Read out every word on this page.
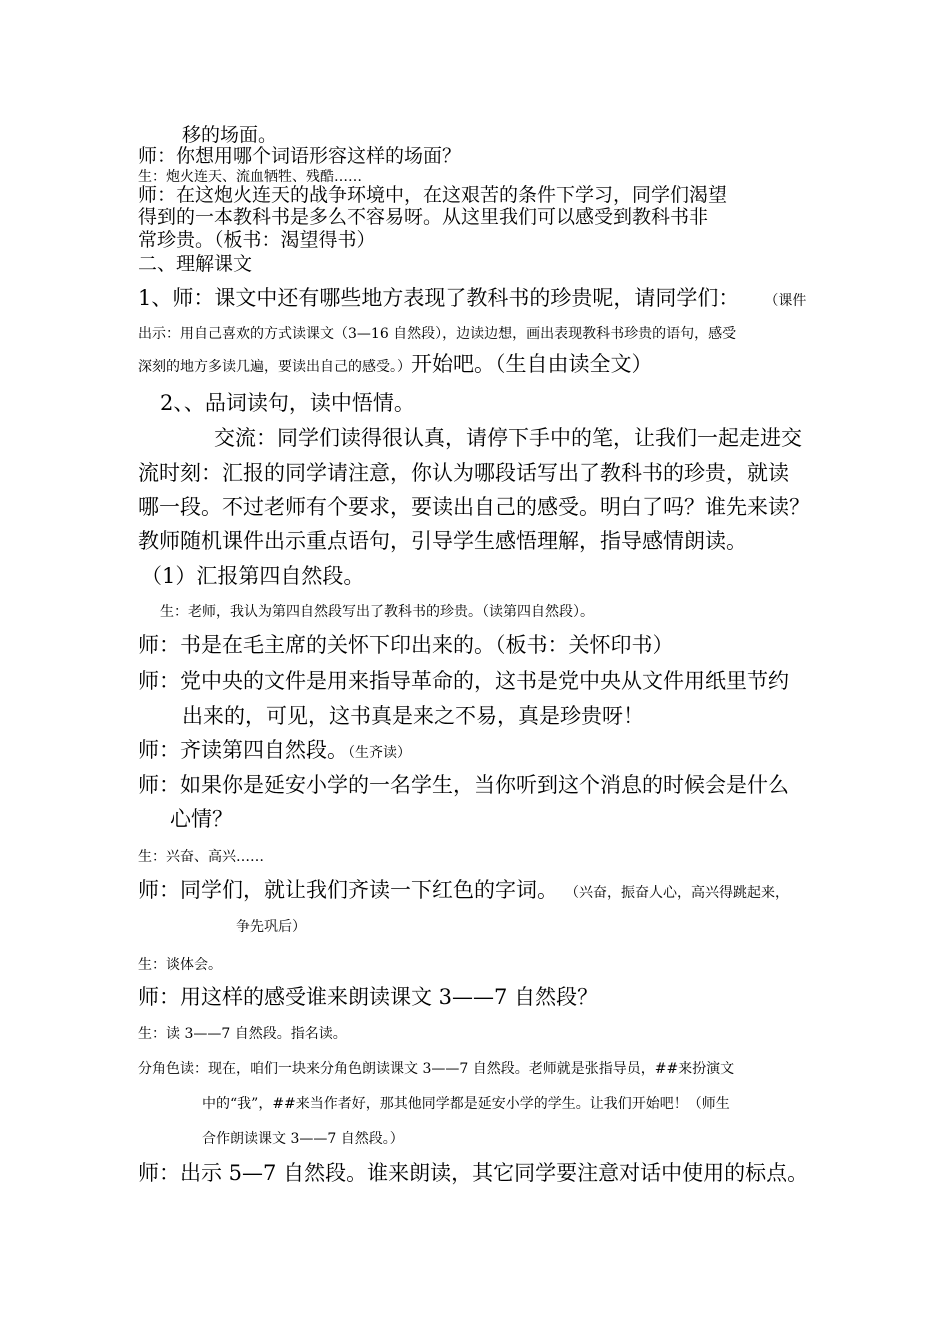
移的场面。
师：你想用哪个词语形容这样的场面？
生：炮火连天、流血牺牲、残酷……
师：在这炮火连天的战争环境中，在这艰苦的条件下学习，同学们渴望
得到的一本教科书是多么不容易呀。从这里我们可以感受到教科书非
常珍贵。（板书：渴望得书）
二、理解课文
1、师：课文中还有哪些地方表现了教科书的珍贵呢，请同学们： （课件
出示：用自己喜欢的方式读课文（3—16 自然段），边读边想，画出表现教科书珍贵的语句，感受
深刻的地方多读几遍，要读出自己的感受。）开始吧。（生自由读全文）
2、、品词读句，读中悟情。
交流：同学们读得很认真，请停下手中的笔，让我们一起走进交
流时刻：汇报的同学请注意，你认为哪段话写出了教科书的珍贵，就读
哪一段。不过老师有个要求，要读出自己的感受。明白了吗？谁先来读？
教师随机课件出示重点语句，引导学生感悟理解，指导感情朗读。
（1）汇报第四自然段。
生：老师，我认为第四自然段写出了教科书的珍贵。（读第四自然段）。
师：书是在毛主席的关怀下印出来的。（板书：关怀印书）
师：党中央的文件是用来指导革命的，这书是党中央从文件用纸里节约
出来的，可见，这书真是来之不易，真是珍贵呀！
师：齐读第四自然段。（生齐读）
师：如果你是延安小学的一名学生，当你听到这个消息的时候会是什么
心情？
生：兴奋、高兴……
师：同学们，就让我们齐读一下红色的字词。 （兴奋，振奋人心，高兴得跳起来，
争先巩后）
生：谈体会。
师：用这样的感受谁来朗读课文 3——7 自然段？
生：读 3——7 自然段。指名读。
分角色读：现在，咱们一块来分角色朗读课文 3——7 自然段。老师就是张指导员，##来扮演文
中的“我”，##来当作者好，那其他同学都是延安小学的学生。让我们开始吧！（师生
合作朗读课文 3——7 自然段。）
师：出示 5—7 自然段。谁来朗读，其它同学要注意对话中使用的标点。
